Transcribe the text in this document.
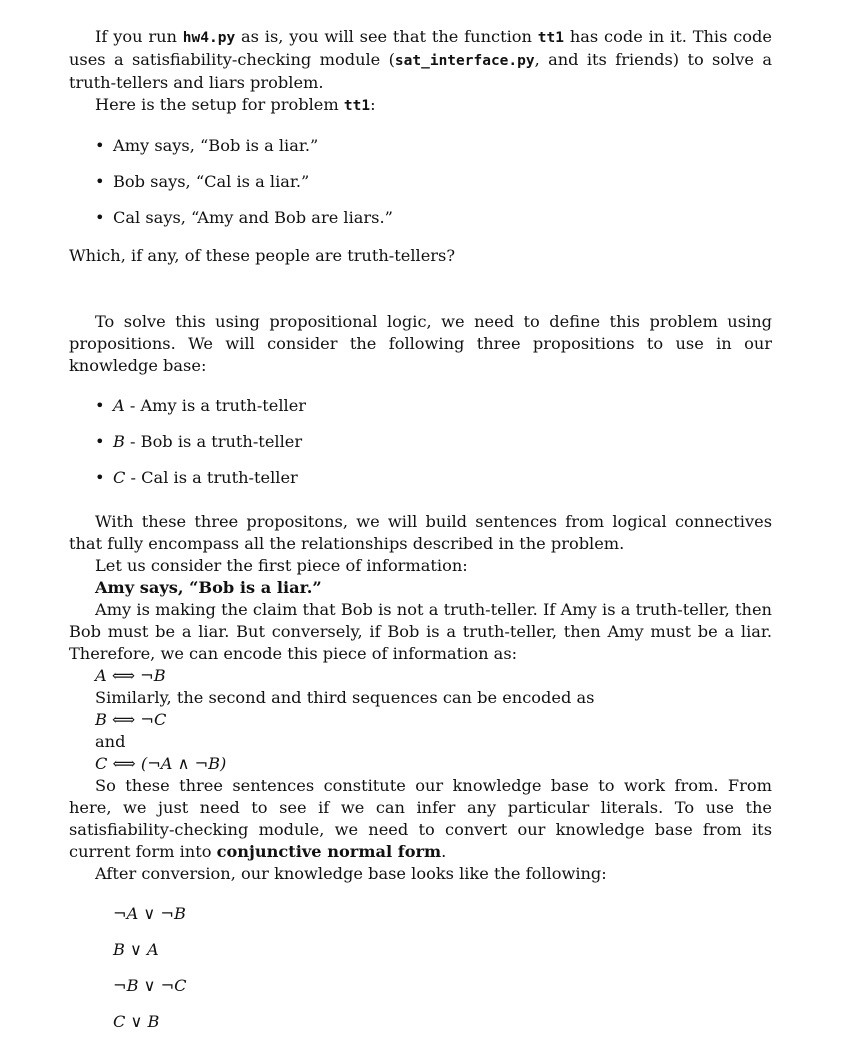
If you run hw4.py as is, you will see that the function tt1 has code in it. This code uses a satisfiability-checking module (sat_interface.py, and its friends) to solve a truth-tellers and liars problem.

Here is the setup for problem tt1:

• Amy says, “Bob is a liar.”
• Bob says, “Cal is a liar.”
• Cal says, “Amy and Bob are liars.”

Which, if any, of these people are truth-tellers?

To solve this using propositional logic, we need to define this problem using propositions. We will consider the following three propositions to use in our knowledge base:

• A - Amy is a truth-teller
• B - Bob is a truth-teller
• C - Cal is a truth-teller

With these three propositons, we will build sentences from logical connectives that fully encompass all the relationships described in the problem.

Let us consider the first piece of information:

Amy says, “Bob is a liar.”

Amy is making the claim that Bob is not a truth-teller. If Amy is a truth-teller, then Bob must be a liar. But conversely, if Bob is a truth-teller, then Amy must be a liar. Therefore, we can encode this piece of information as:

A ⟺ ¬B

Similarly, the second and third sequences can be encoded as

B ⟺ ¬C

and

C ⟺ (¬A ∧ ¬B)

So these three sentences constitute our knowledge base to work from. From here, we just need to see if we can infer any particular literals. To use the satisfiability-checking module, we need to convert our knowledge base from its current form into conjunctive normal form.

After conversion, our knowledge base looks like the following:

¬A ∨ ¬B
B ∨ A
¬B ∨ ¬C
C ∨ B
